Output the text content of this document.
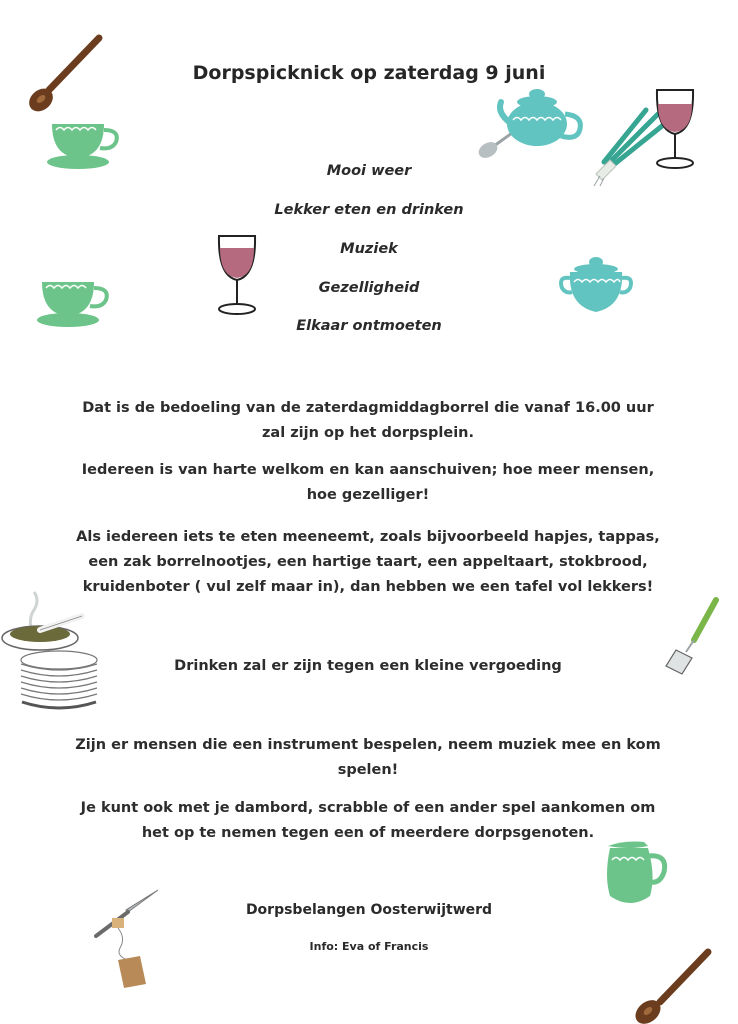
Dorpspicknick op zaterdag 9 juni
Mooi weer
Lekker eten en drinken
Muziek
Gezelligheid
Elkaar ontmoeten
Dat is de bedoeling van de zaterdagmiddagborrel die vanaf 16.00 uur zal zijn op het dorpsplein.
Iedereen is van harte welkom en kan aanschuiven; hoe meer mensen, hoe gezelliger!
Als iedereen iets te eten meeneemt, zoals bijvoorbeeld hapjes, tappas, een zak borrelnootjes, een hartige taart, een appeltaart, stokbrood, kruidenboter ( vul zelf maar in), dan hebben we een tafel vol lekkers!
Drinken zal er zijn tegen een kleine vergoeding
Zijn er mensen die een instrument bespelen, neem muziek mee en kom spelen!
Je kunt ook met je dambord, scrabble of een ander spel aankomen om het op te nemen tegen een of meerdere dorpsgenoten.
Dorpsbelangen Oosterwijtwerd
Info: Eva of Francis
